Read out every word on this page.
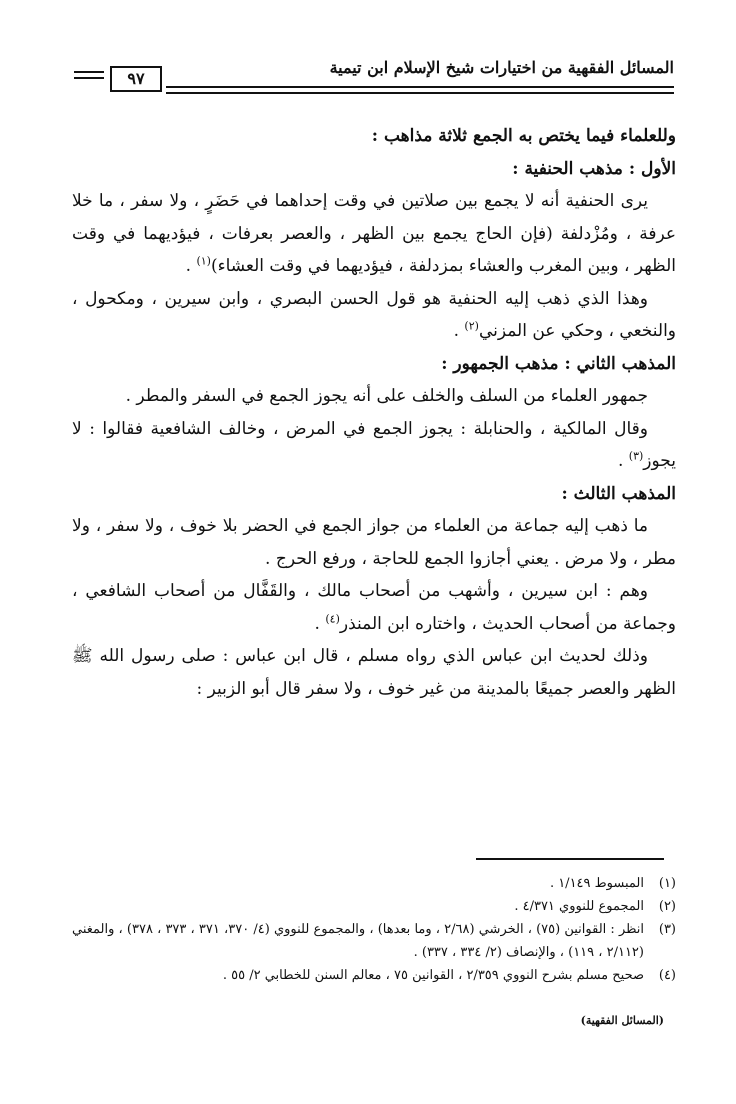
المسائل الفقهية من اختيارات شيخ الإسلام ابن تيمية
٩٧

وللعلماء فيما يختص به الجمع ثلاثة مذاهب :

الأول : مذهب الحنفية :

يرى الحنفية أنه لا يجمع بين صلاتين في وقت إحداهما في حَضَرٍ ، ولا سفر ، ما خلا عرفة ، ومُزْدلفة (فإن الحاج يجمع بين الظهر ، والعصر بعرفات ، فيؤديهما في وقت الظهر ، وبين المغرب والعشاء بمزدلفة ، فيؤديهما في وقت العشاء)$^{(١)}$ .

وهذا الذي ذهب إليه الحنفية هو قول الحسن البصري ، وابن سيرين ، ومكحول ، والنخعي ، وحكي عن المزني$^{(٢)}$ .

المذهب الثاني : مذهب الجمهور :

جمهور العلماء من السلف والخلف على أنه يجوز الجمع في السفر والمطر .

وقال المالكية ، والحنابلة : يجوز الجمع في المرض ، وخالف الشافعية فقالوا : لا يجوز$^{(٣)}$ .

المذهب الثالث :

ما ذهب إليه جماعة من العلماء من جواز الجمع في الحضر بلا خوف ، ولا سفر ، ولا مطر ، ولا مرض . يعني أجازوا الجمع للحاجة ، ورفع الحرج .

وهم : ابن سيرين ، وأشهب من أصحاب مالك ، والقَفَّال من أصحاب الشافعي ، وجماعة من أصحاب الحديث ، واختاره ابن المنذر$^{(٤)}$ .

وذلك لحديث ابن عباس الذي رواه مسلم ، قال ابن عباس : صلى رسول الله ﷺ الظهر والعصر جميعًا بالمدينة من غير خوف ، ولا سفر قال أبو الزبير :

(١)
المبسوط ١/١٤٩ .
(٢)
المجموع للنووي ٤/٣٧١ .
(٣)
انظر : القوانين (٧٥) ، الخرشي (٢/٦٨ ، وما بعدها) ، والمجموع للنووي (٤/ ٣٧٠، ٣٧١ ، ٣٧٣ ، ٣٧٨) ، والمغني (٢/١١٢ ، ١١٩) ، والإنصاف (٢/ ٣٣٤ ، ٣٣٧) .
(٤)
صحيح مسلم بشرح النووي ٢/٣٥٩ ، القوانين ٧٥ ، معالم السنن للخطابي ٢/ ٥٥ .
(المسائل الفقهية)
